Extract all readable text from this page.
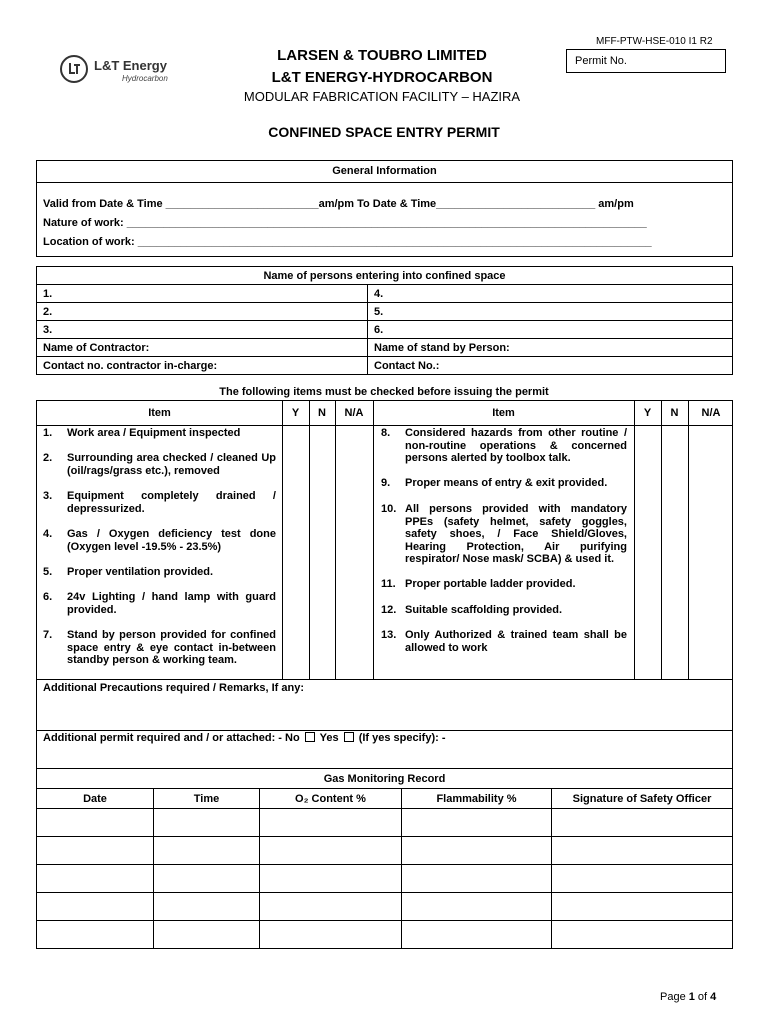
MFF-PTW-HSE-010 I1 R2
Permit No.
L&T Energy
Hydrocarbon
LARSEN & TOUBRO LIMITED
L&T ENERGY-HYDROCARBON
MODULAR FABRICATION FACILITY – HAZIRA
CONFINED SPACE ENTRY PERMIT
General Information
Valid from Date & Time _________________________am/pm To Date & Time__________________________ am/pm
Nature of work: _____________________________________________________________________________________
Location of work: ____________________________________________________________________________________
Name of persons entering into confined space	
1.	4.
2.	5.
3.	6.
Name of Contractor:	Name of stand by Person:
Contact no. contractor in-charge:	Contact No.:
The following items must be checked before issuing the permit
Item	Y	N	N/A	Item	Y	N	N/A
1.	Work area / Equipment inspected
2.	Surrounding area checked / cleaned Up (oil/rags/grass etc.), removed
3.	Equipment completely drained / depressurized.
4.	Gas / Oxygen deficiency test done (Oxygen level -19.5% - 23.5%)
5.	Proper ventilation provided.
6.	24v Lighting / hand lamp with guard provided.
7.	Stand by person provided for confined space entry & eye contact in-between standby person & working team.
8.	Considered hazards from other routine / non-routine operations & concerned persons alerted by toolbox talk.
9.	Proper means of entry & exit provided.
10. All persons provided with mandatory PPEs (safety helmet, safety goggles, safety shoes, / Face Shield/Gloves, Hearing Protection, Air purifying respirator/ Nose mask/ SCBA) & used it.
11. Proper portable ladder provided.
12. Suitable scaffolding provided.
13. Only Authorized & trained team shall be allowed to work
Additional Precautions required / Remarks, If any:
Additional permit required and / or attached: - No Yes (If yes specify): -
Gas Monitoring Record				
Date	Time	O₂ Content %	Flammability %	Signature of Safety Officer

Page 1 of 4
